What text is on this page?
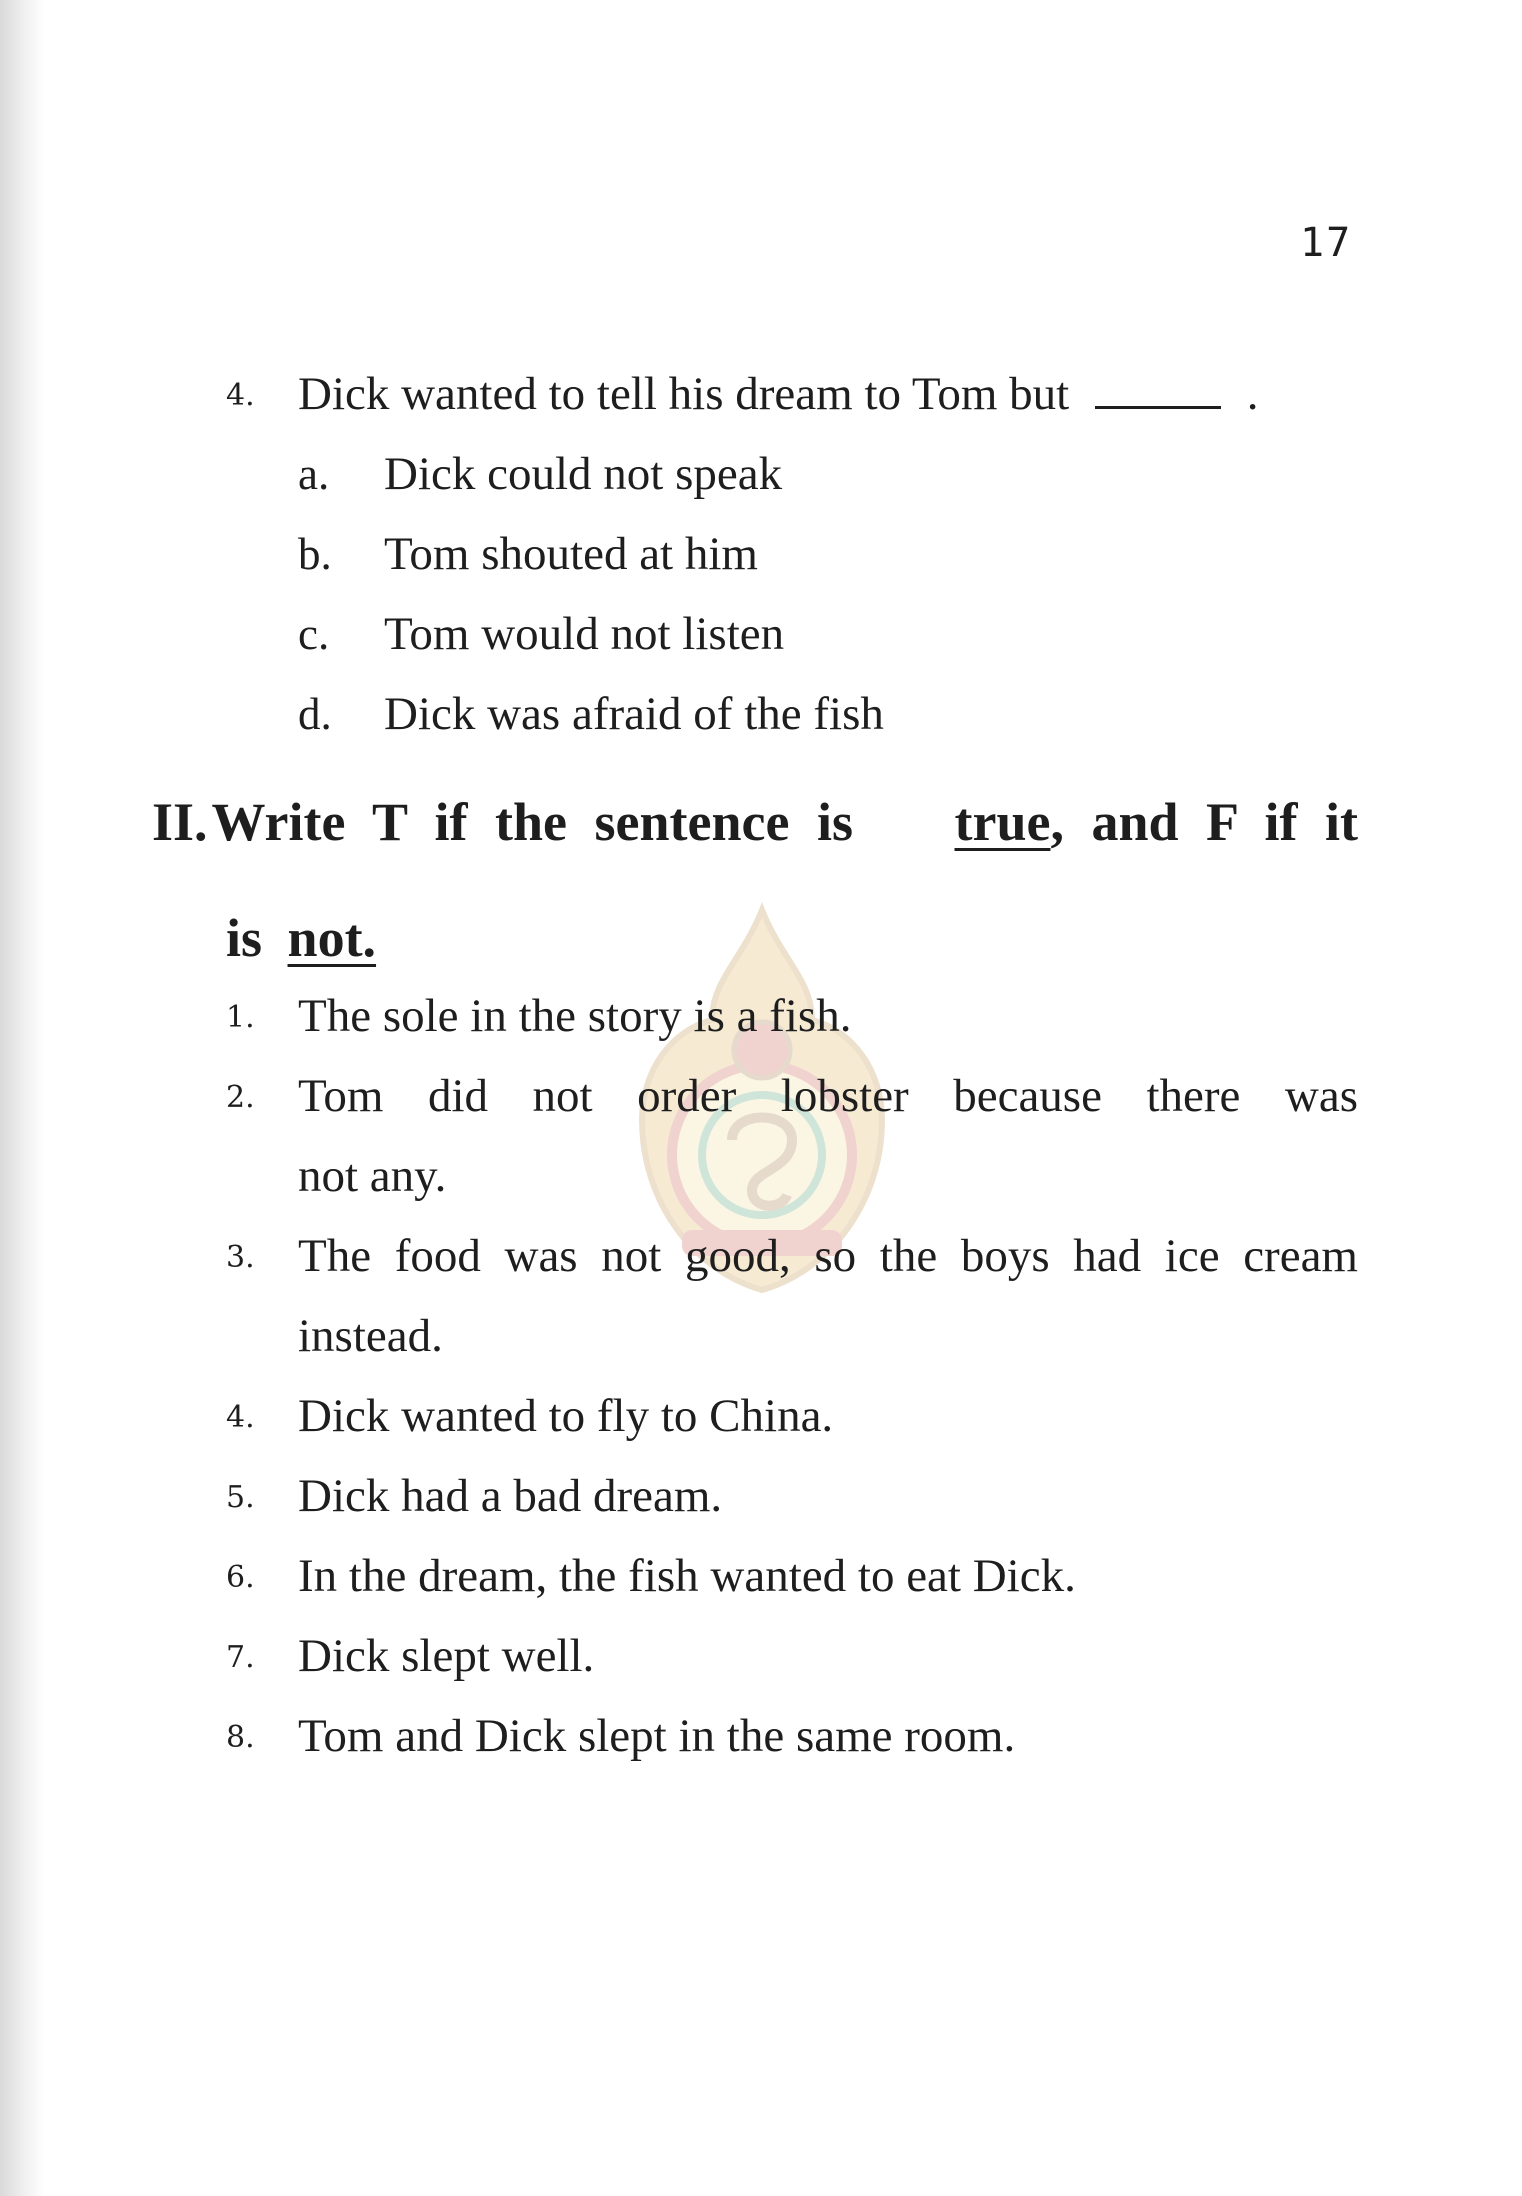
17
4. Dick wanted to tell his dream to Tom but	.
a. Dick could not speak
b. Tom shouted at him
c. Tom would not listen
d. Dick was afraid of the fish
II. Write T if the sentence is true, and F if it
is not.
1. The sole in the story is a fish.
2. Tom did not order lobster because there was
not any.
3. The food was not good, so the boys had ice cream
instead.
4. Dick wanted to fly to China.
5. Dick had a bad dream.
6. In the dream, the fish wanted to eat Dick.
7. Dick slept well.
8. Tom and Dick slept in the same room.
